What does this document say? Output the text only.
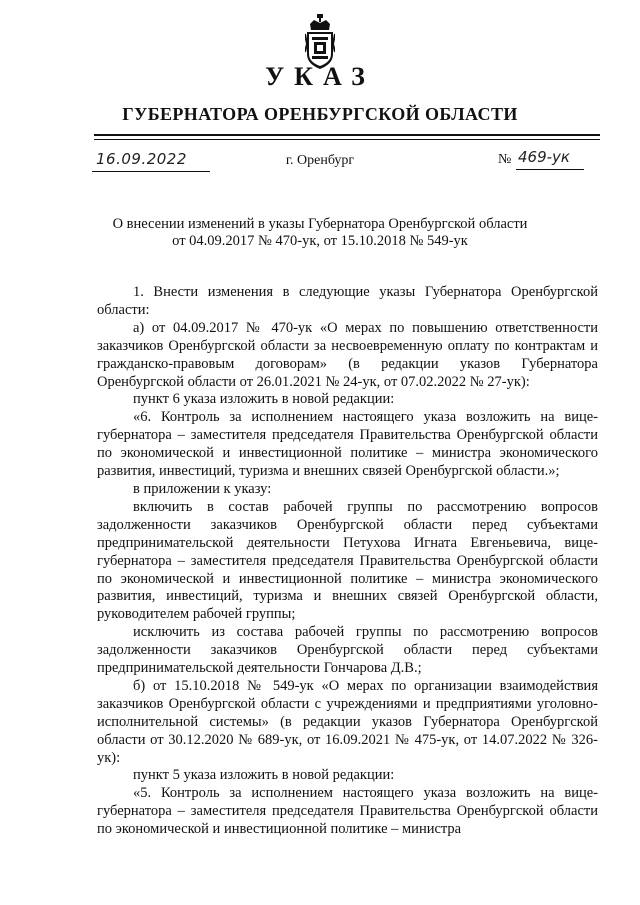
УКАЗ
ГУБЕРНАТОРА ОРЕНБУРГСКОЙ ОБЛАСТИ
16.09.2022	г. Оренбург	№ 469-ук
О внесении изменений в указы Губернатора Оренбургской области
от 04.09.2017 № 470-ук, от 15.10.2018 № 549-ук

1. Внести изменения в следующие указы Губернатора Оренбургской области:

а) от 04.09.2017 № 470-ук «О мерах по повышению ответственности заказчиков Оренбургской области за несвоевременную оплату по контрактам и гражданско-правовым договорам» (в редакции указов Губернатора Оренбургской области от 26.01.2021 № 24-ук, от 07.02.2022 № 27-ук):

пункт 6 указа изложить в новой редакции:

«6. Контроль за исполнением настоящего указа возложить на вице-губернатора – заместителя председателя Правительства Оренбургской области по экономической и инвестиционной политике – министра экономического развития, инвестиций, туризма и внешних связей Оренбургской области.»;

в приложении к указу:

включить в состав рабочей группы по рассмотрению вопросов задолженности заказчиков Оренбургской области перед субъектами предпринимательской деятельности Петухова Игната Евгеньевича, вице-губернатора – заместителя председателя Правительства Оренбургской области по экономической и инвестиционной политике – министра экономического развития, инвестиций, туризма и внешних связей Оренбургской области, руководителем рабочей группы;

исключить из состава рабочей группы по рассмотрению вопросов задолженности заказчиков Оренбургской области перед субъектами предпринимательской деятельности Гончарова Д.В.;

б) от 15.10.2018 № 549-ук «О мерах по организации взаимодействия заказчиков Оренбургской области с учреждениями и предприятиями уголовно-исполнительной системы» (в редакции указов Губернатора Оренбургской области от 30.12.2020 № 689-ук, от 16.09.2021 № 475-ук, от 14.07.2022 № 326-ук):

пункт 5 указа изложить в новой редакции:

«5. Контроль за исполнением настоящего указа возложить на вице-губернатора – заместителя председателя Правительства Оренбургской области по экономической и инвестиционной политике – министра
